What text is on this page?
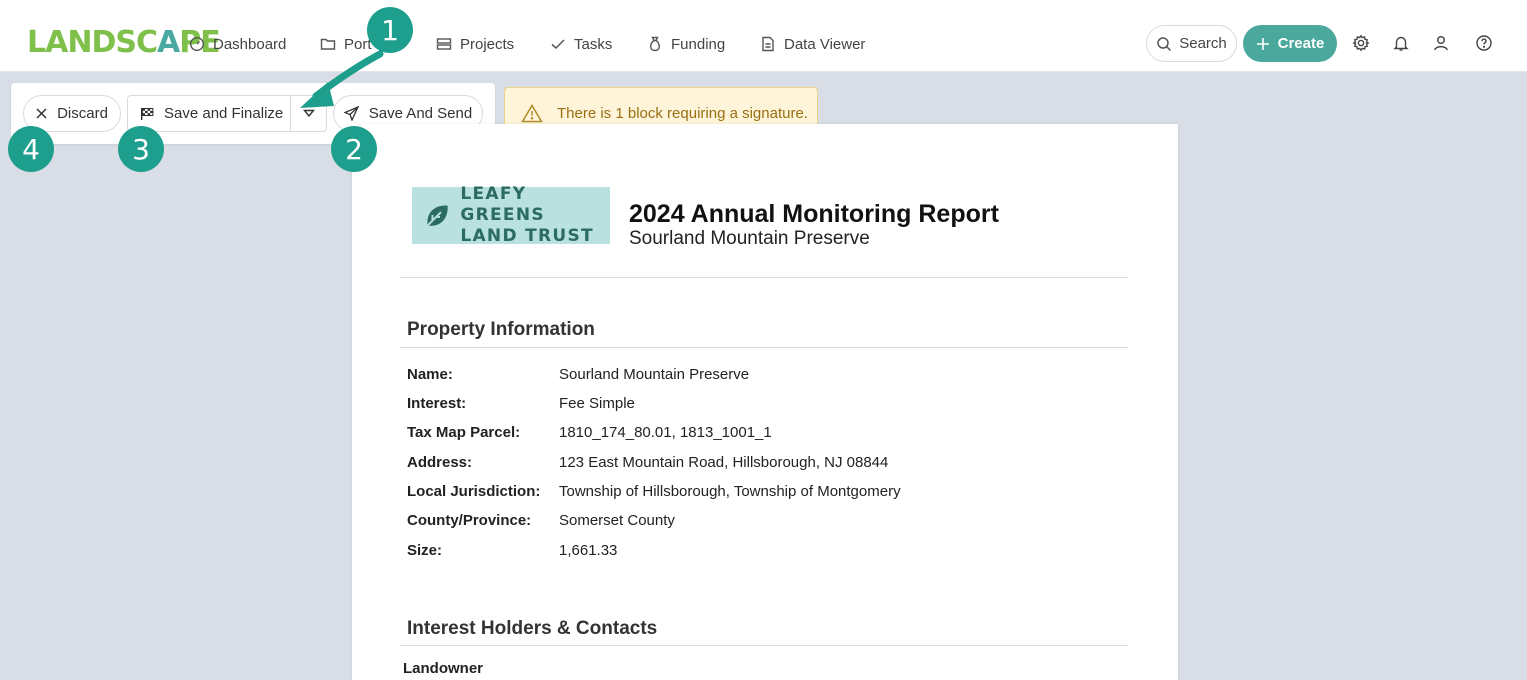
LANDSCAPE
Dashboard	Port	Projects	Tasks	Funding	Data Viewer	Search	Create
Discard	Save and Finalize	Save And Send	There is 1 block requiring a signature.
LEAFY GREENS
LAND TRUST
2024 Annual Monitoring Report
Sourland Mountain Preserve
Property Information
Name:	Sourland Mountain Preserve
Interest:	Fee Simple
Tax Map Parcel:	1810_174_80.01, 1813_1001_1
Address:	123 East Mountain Road, Hillsborough, NJ 08844
Local Jurisdiction: Township of Hillsborough, Township of Montgomery
County/Province: Somerset County
Size:	1,661.33
Interest Holders & Contacts
Landowner
1
2
3
4
